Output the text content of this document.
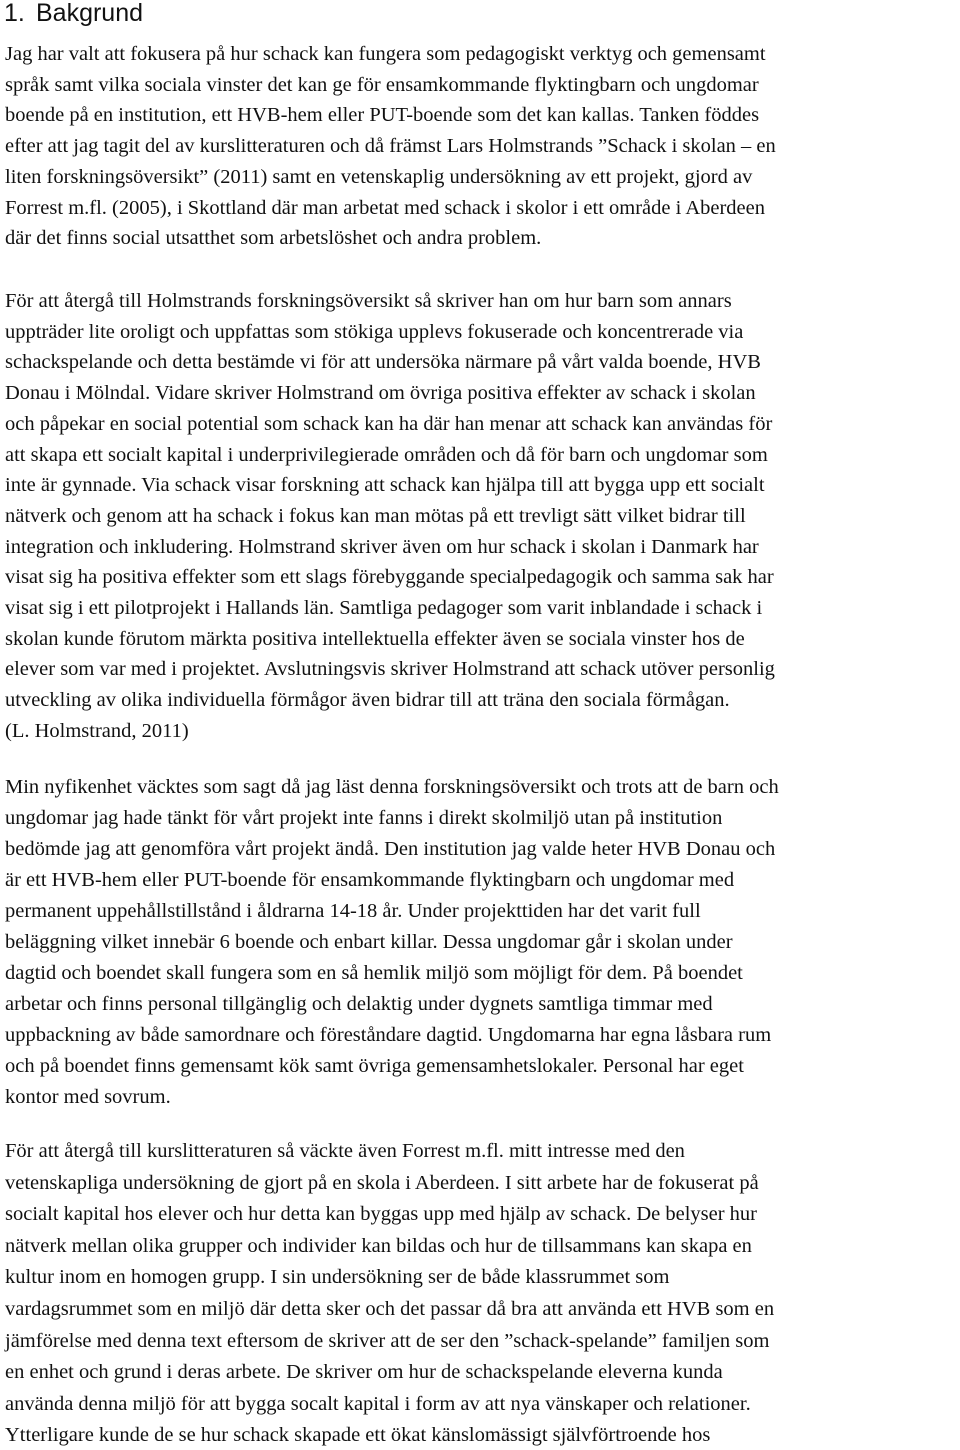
1. Bakgrund

Jag har valt att fokusera på hur schack kan fungera som pedagogiskt verktyg och gemensamt

språk samt vilka sociala vinster det kan ge för ensamkommande flyktingbarn och ungdomar

boende på en institution, ett HVB-hem eller PUT-boende som det kan kallas. Tanken föddes

efter att jag tagit del av kurslitteraturen och då främst Lars Holmstrands ”Schack i skolan – en

liten forskningsöversikt” (2011) samt en vetenskaplig undersökning av ett projekt, gjord av

Forrest m.fl. (2005), i Skottland där man arbetat med schack i skolor i ett område i Aberdeen

där det finns social utsatthet som arbetslöshet och andra problem.

För att återgå till Holmstrands forskningsöversikt så skriver han om hur barn som annars

uppträder lite oroligt och uppfattas som stökiga upplevs fokuserade och koncentrerade via

schackspelande och detta bestämde vi för att undersöka närmare på vårt valda boende, HVB

Donau i Mölndal. Vidare skriver Holmstrand om övriga positiva effekter av schack i skolan

och påpekar en social potential som schack kan ha där han menar att schack kan användas för

att skapa ett socialt kapital i underprivilegierade områden och då för barn och ungdomar som

inte är gynnade. Via schack visar forskning att schack kan hjälpa till att bygga upp ett socialt

nätverk och genom att ha schack i fokus kan man mötas på ett trevligt sätt vilket bidrar till

integration och inkludering. Holmstrand skriver även om hur schack i skolan i Danmark har

visat sig ha positiva effekter som ett slags förebyggande specialpedagogik och samma sak har

visat sig i ett pilotprojekt i Hallands län. Samtliga pedagoger som varit inblandade i schack i

skolan kunde förutom märkta positiva intellektuella effekter även se sociala vinster hos de

elever som var med i projektet. Avslutningsvis skriver Holmstrand att schack utöver personlig

utveckling av olika individuella förmågor även bidrar till att träna den sociala förmågan.

(L. Holmstrand, 2011)

Min nyfikenhet väcktes som sagt då jag läst denna forskningsöversikt och trots att de barn och

ungdomar jag hade tänkt för vårt projekt inte fanns i direkt skolmiljö utan på institution

bedömde jag att genomföra vårt projekt ändå. Den institution jag valde heter HVB Donau och

är ett HVB-hem eller PUT-boende för ensamkommande flyktingbarn och ungdomar med

permanent uppehållstillstånd i åldrarna 14-18 år. Under projekttiden har det varit full

beläggning vilket innebär 6 boende och enbart killar. Dessa ungdomar går i skolan under

dagtid och boendet skall fungera som en så hemlik miljö som möjligt för dem. På boendet

arbetar och finns personal tillgänglig och delaktig under dygnets samtliga timmar med

uppbackning av både samordnare och föreståndare dagtid. Ungdomarna har egna låsbara rum

och på boendet finns gemensamt kök samt övriga gemensamhetslokaler. Personal har eget

kontor med sovrum.

För att återgå till kurslitteraturen så väckte även Forrest m.fl. mitt intresse med den

vetenskapliga undersökning de gjort på en skola i Aberdeen. I sitt arbete har de fokuserat på

socialt kapital hos elever och hur detta kan byggas upp med hjälp av schack. De belyser hur

nätverk mellan olika grupper och individer kan bildas och hur de tillsammans kan skapa en

kultur inom en homogen grupp. I sin undersökning ser de både klassrummet som

vardagsrummet som en miljö där detta sker och det passar då bra att använda ett HVB som en

jämförelse med denna text eftersom de skriver att de ser den ”schack-spelande” familjen som

en enhet och grund i deras arbete. De skriver om hur de schackspelande eleverna kunda

använda denna miljö för att bygga socalt kapital i form av att nya vänskaper och relationer.

Ytterligare kunde de se hur schack skapade ett ökat känslomässigt självförtroende hos
